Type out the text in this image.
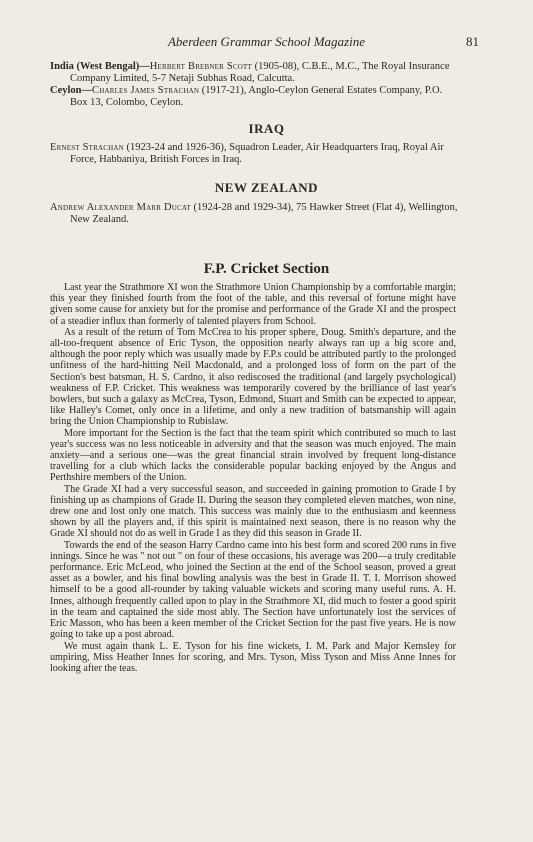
Aberdeen Grammar School Magazine	81

India (West Bengal)—Herbert Brebner Scott (1905-08), C.B.E., M.C., The Royal Insurance Company Limited, 5-7 Netaji Subhas Road, Calcutta.

Ceylon—Charles James Strachan (1917-21), Anglo-Ceylon General Estates Company, P.O. Box 13, Colombo, Ceylon.

IRAQ

Ernest Strachan (1923-24 and 1926-36), Squadron Leader, Air Headquarters Iraq, Royal Air Force, Habbaniya, British Forces in Iraq.

NEW ZEALAND

Andrew Alexander Marr Ducat (1924-28 and 1929-34), 75 Hawker Street (Flat 4), Wellington, New Zealand.

F.P. Cricket Section

Last year the Strathmore XI won the Strathmore Union Championship by a comfortable margin; this year they finished fourth from the foot of the table, and this reversal of fortune might have given some cause for anxiety but for the promise and performance of the Grade XI and the prospect of a steadier influx than formerly of talented players from School.

As a result of the return of Tom McCrea to his proper sphere, Doug. Smith's departure, and the all-too-frequent absence of Eric Tyson, the opposition nearly always ran up a big score and, although the poor reply which was usually made by F.P.s could be attributed partly to the prolonged unfitness of the hard-hitting Neil Macdonald, and a prolonged loss of form on the part of the Section's best batsman, H. S. Cardno, it also rediscosed the traditional (and largely psychological) weakness of F.P. Cricket. This weakness was temporarily covered by the brilliance of last year's bowlers, but such a galaxy as McCrea, Tyson, Edmond, Stuart and Smith can be expected to appear, like Halley's Comet, only once in a lifetime, and only a new tradition of batsmanship will again bring the Union Championship to Rubislaw.

More important for the Section is the fact that the team spirit which contributed so much to last year's success was no less noticeable in adversity and that the season was much enjoyed. The main anxiety—and a serious one—was the great financial strain involved by frequent long-distance travelling for a club which lacks the considerable popular backing enjoyed by the Angus and Perthshire members of the Union.

The Grade XI had a very successful season, and succeeded in gaining promotion to Grade I by finishing up as champions of Grade II. During the season they completed eleven matches, won nine, drew one and lost only one match. This success was mainly due to the enthusiasm and keenness shown by all the players and, if this spirit is maintained next season, there is no reason why the Grade XI should not do as well in Grade I as they did this season in Grade II.

Towards the end of the season Harry Cardno came into his best form and scored 200 runs in five innings. Since he was " not out " on four of these occasions, his average was 200—a truly creditable performance. Eric McLeod, who joined the Section at the end of the School season, proved a great asset as a bowler, and his final bowling analysis was the best in Grade II. T. I. Morrison showed himself to be a good all-rounder by taking valuable wickets and scoring many useful runs. A. H. Innes, although frequently called upon to play in the Strathmore XI, did much to foster a good spirit in the team and captained the side most ably. The Section have unfortunately lost the services of Eric Masson, who has been a keen member of the Cricket Section for the past five years. He is now going to take up a post abroad.

We must again thank L. E. Tyson for his fine wickets, I. M. Park and Major Kemsley for umpiring, Miss Heather Innes for scoring, and Mrs. Tyson, Miss Tyson and Miss Anne Innes for looking after the teas.
